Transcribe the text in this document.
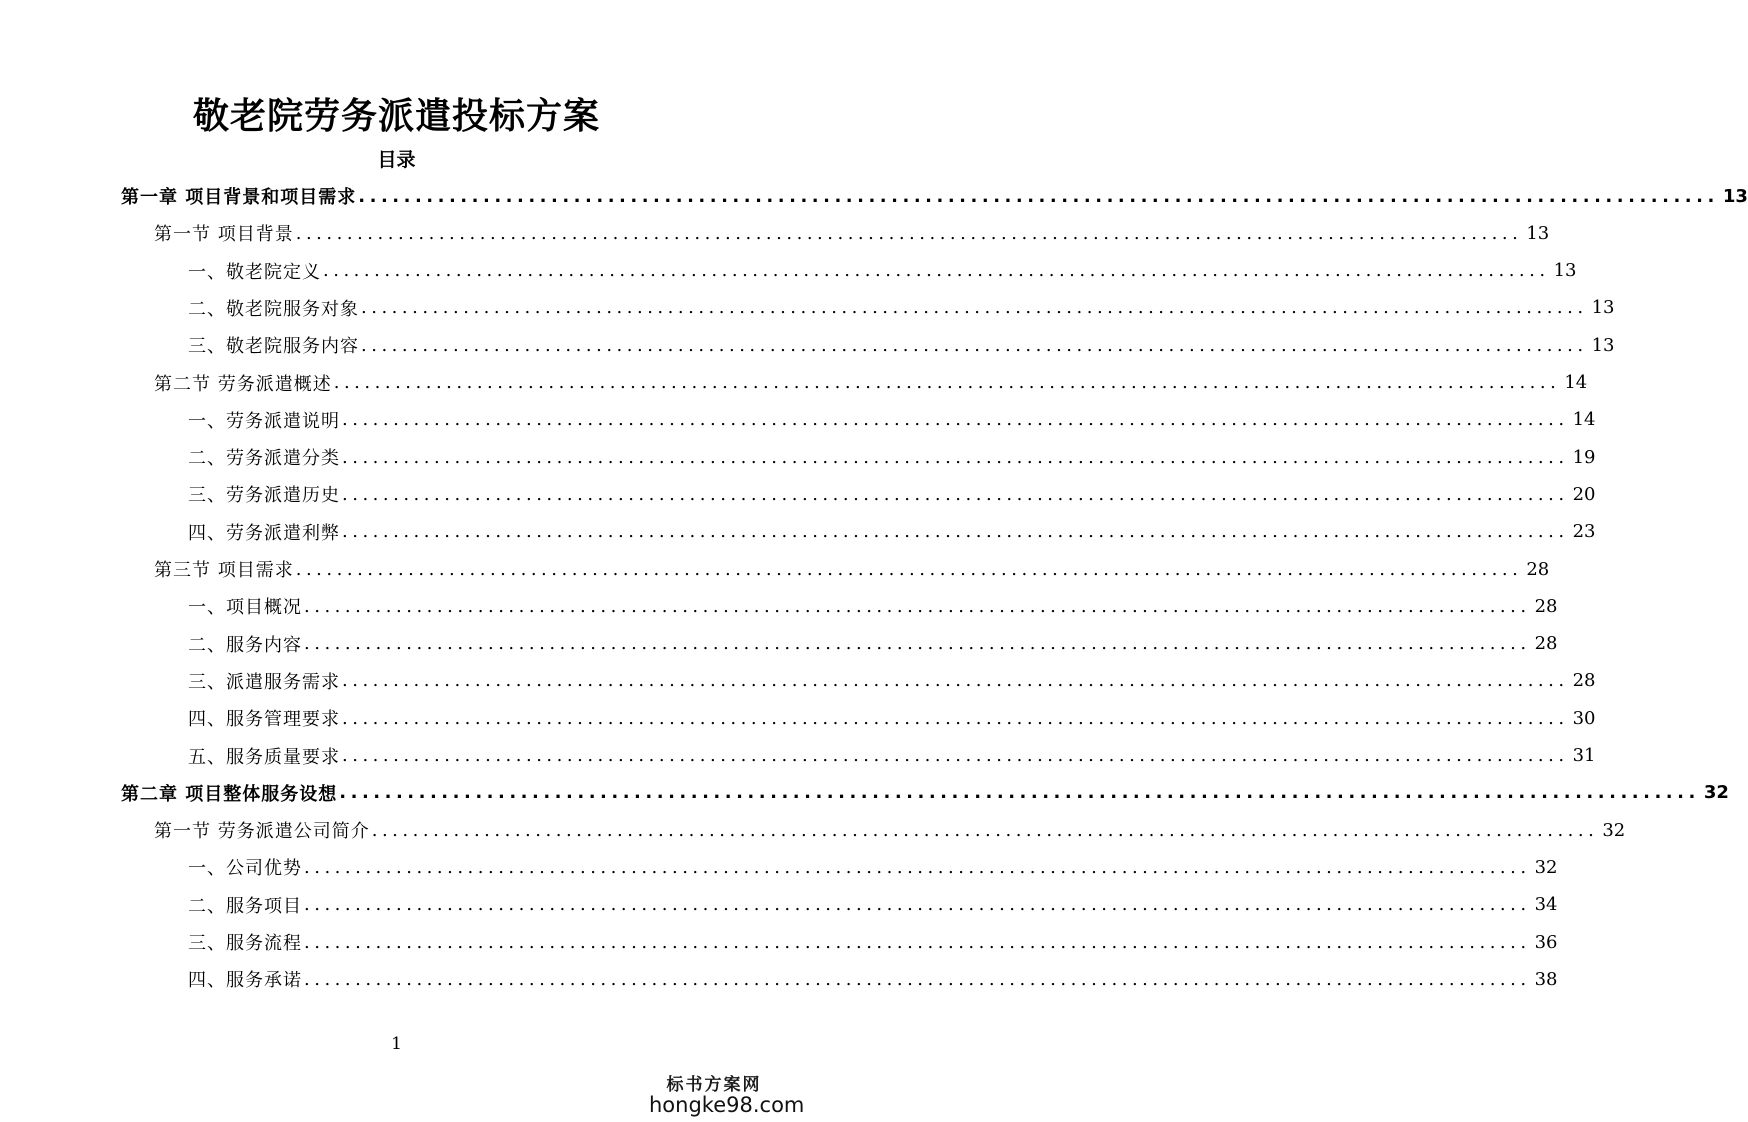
敬老院劳务派遣投标方案
目录
第一章 项目背景和项目需求 ........................................................................................................................ 13
第一节 项目背景 ........................................................................................................................ 13
一、敬老院定义 ........................................................................................................................ 13
二、敬老院服务对象 ........................................................................................................................ 13
三、敬老院服务内容 ........................................................................................................................ 13
第二节 劳务派遣概述 ........................................................................................................................ 14
一、劳务派遣说明 ........................................................................................................................ 14
二、劳务派遣分类 ........................................................................................................................ 19
三、劳务派遣历史 ........................................................................................................................ 20
四、劳务派遣利弊 ........................................................................................................................ 23
第三节 项目需求 ........................................................................................................................ 28
一、项目概况 ........................................................................................................................ 28
二、服务内容 ........................................................................................................................ 28
三、派遣服务需求 ........................................................................................................................ 28
四、服务管理要求 ........................................................................................................................ 30
五、服务质量要求 ........................................................................................................................ 31
第二章 项目整体服务设想 ........................................................................................................................ 32
第一节 劳务派遣公司简介 ........................................................................................................................ 32
一、公司优势 ........................................................................................................................ 32
二、服务项目 ........................................................................................................................ 34
三、服务流程 ........................................................................................................................ 36
四、服务承诺 ........................................................................................................................ 38
1
标书方案网
hongke98.com
